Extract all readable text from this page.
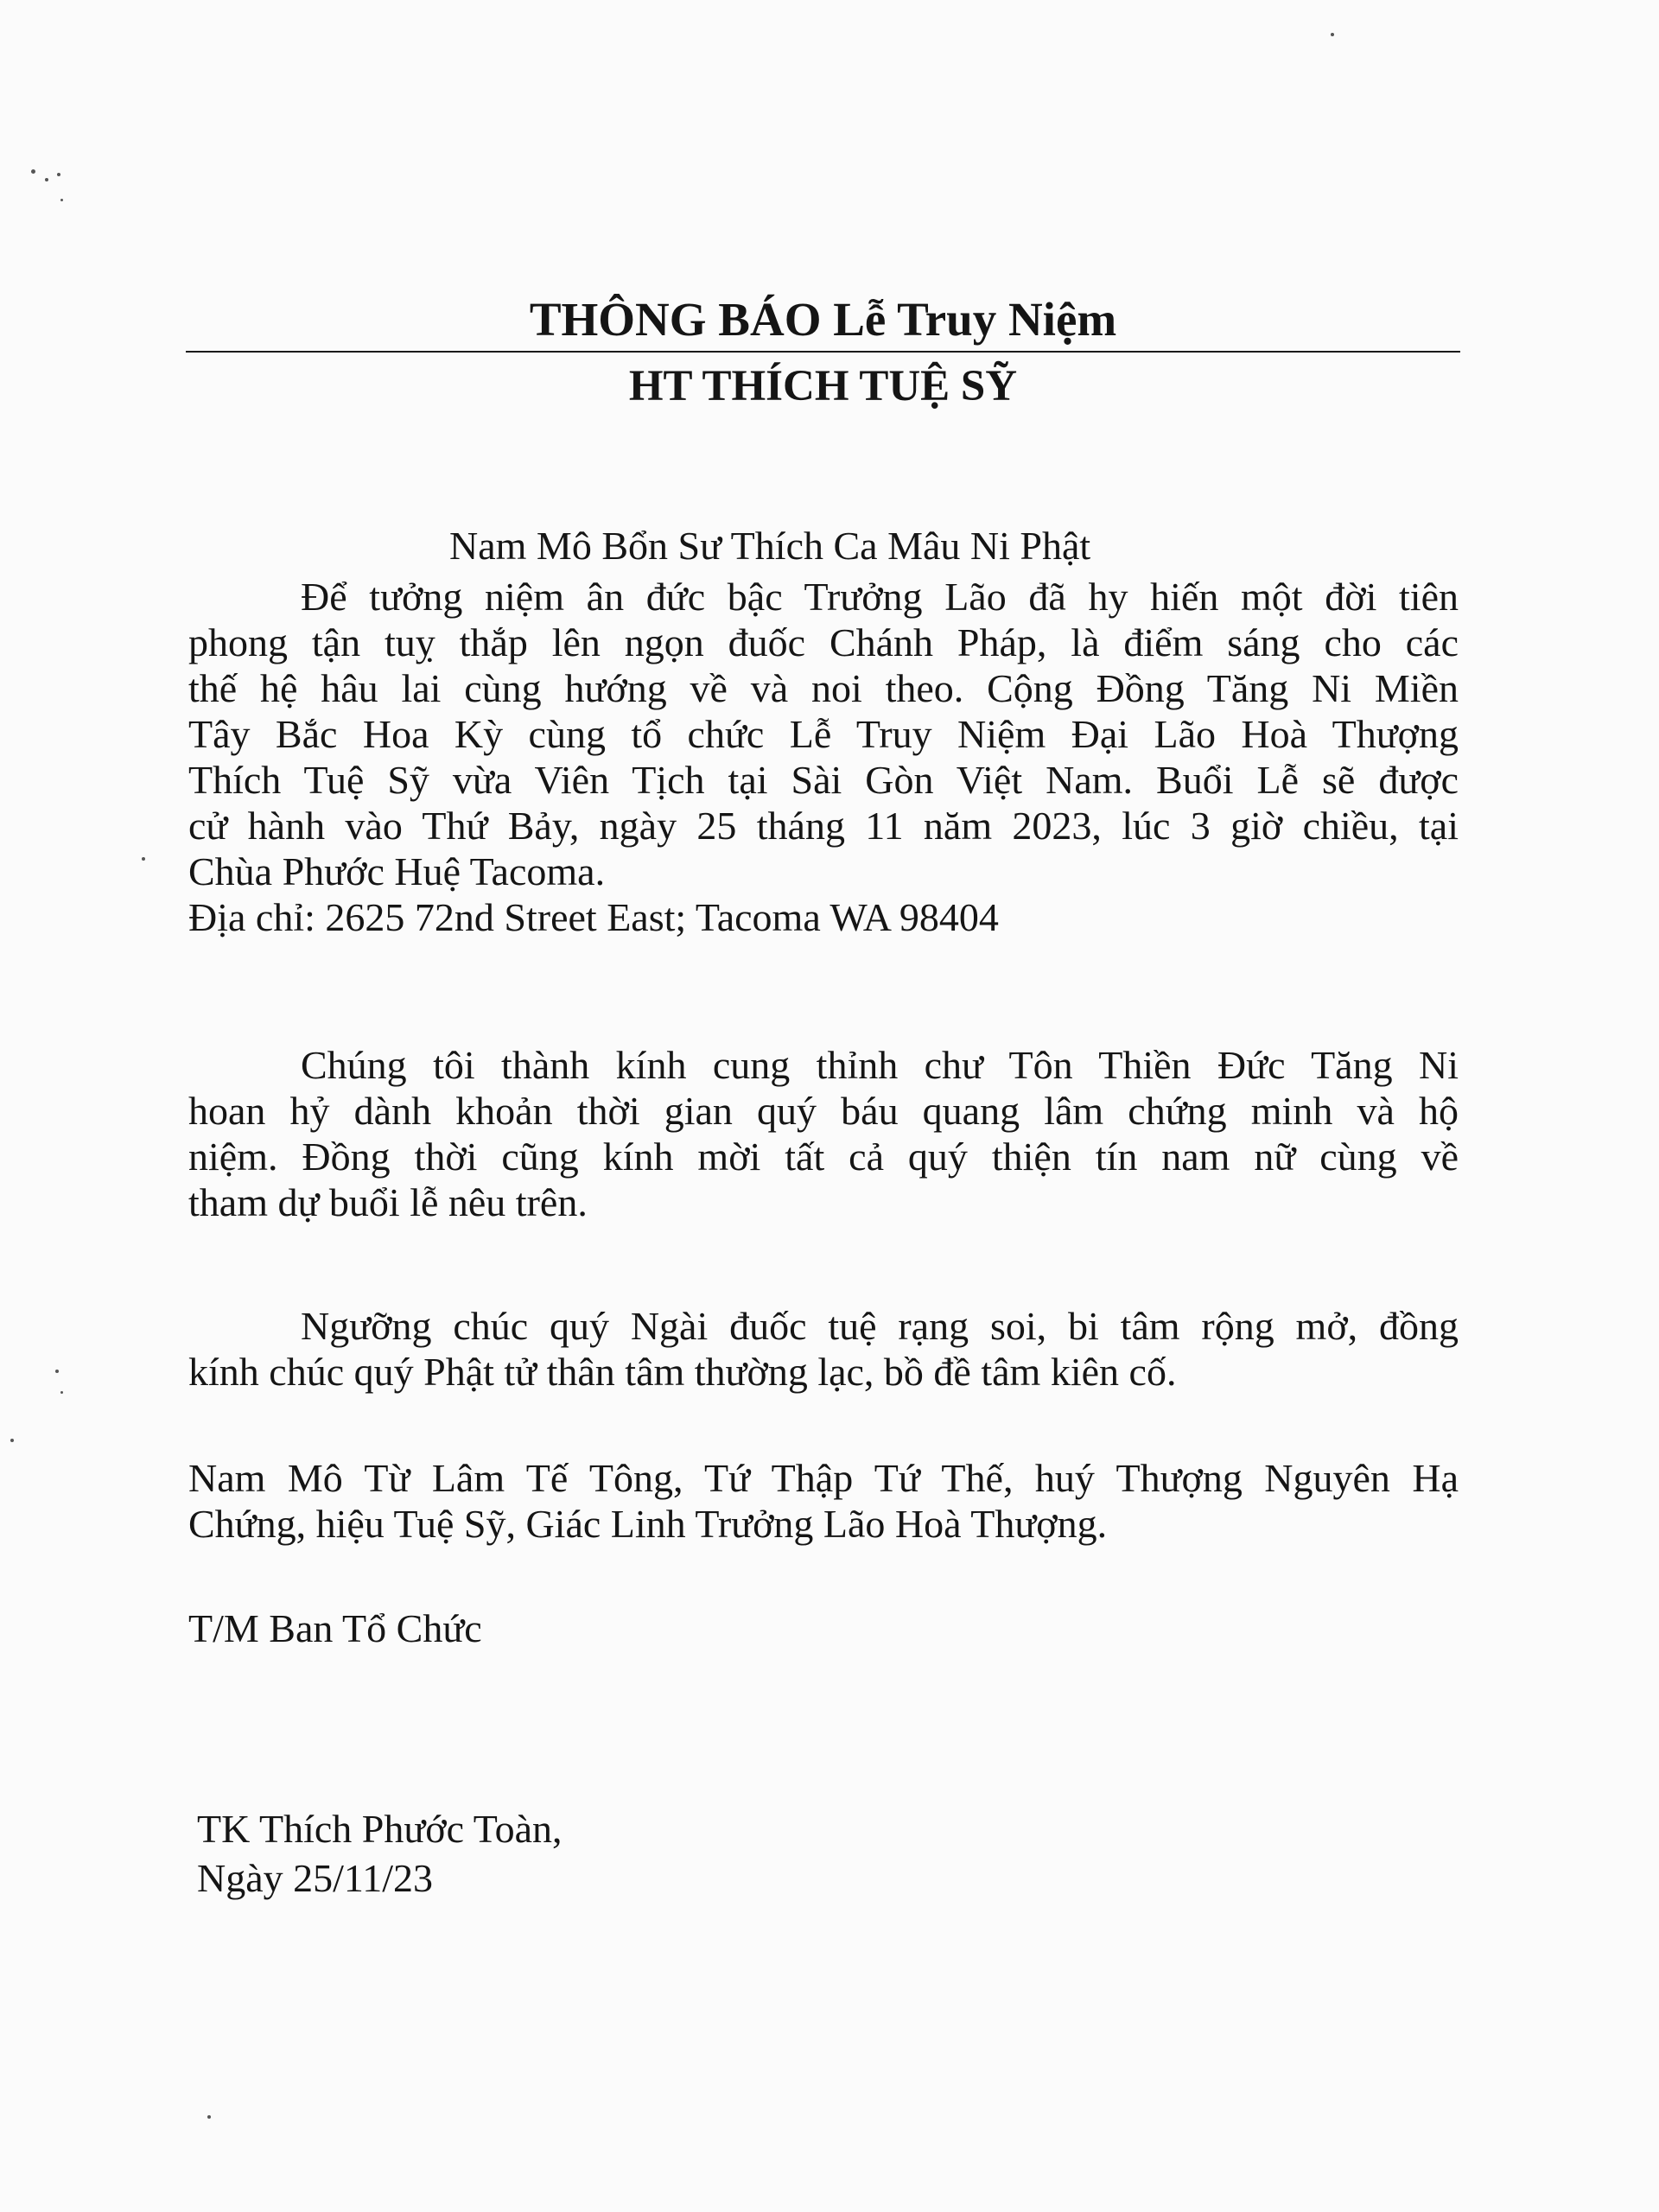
THÔNG BÁO Lễ Truy Niệm
HT THÍCH TUỆ SỸ

Nam Mô Bổn Sư Thích Ca Mâu Ni Phật

Để tưởng niệm ân đức bậc Trưởng Lão đã hy hiến một đời tiên
phong tận tuỵ thắp lên ngọn đuốc Chánh Pháp, là điểm sáng cho các
thế hệ hâu lai cùng hướng về và noi theo. Cộng Đồng Tăng Ni Miền
Tây Bắc Hoa Kỳ cùng tổ chức Lễ Truy Niệm Đại Lão Hoà Thượng
Thích Tuệ Sỹ vừa Viên Tịch tại Sài Gòn Việt Nam. Buổi Lễ sẽ được
cử hành vào Thứ Bảy, ngày 25 tháng 11 năm 2023, lúc 3 giờ chiều, tại
Chùa Phước Huệ Tacoma.
Địa chỉ: 2625 72nd Street East; Tacoma WA 98404
Chúng tôi thành kính cung thỉnh chư Tôn Thiền Đức Tăng Ni
hoan hỷ dành khoản thời gian quý báu quang lâm chứng minh và hộ
niệm. Đồng thời cũng kính mời tất cả quý thiện tín nam nữ cùng về
tham dự buổi lễ nêu trên.
Ngưỡng chúc quý Ngài đuốc tuệ rạng soi, bi tâm rộng mở, đồng
kính chúc quý Phật tử thân tâm thường lạc, bồ đề tâm kiên cố.
Nam Mô Từ Lâm Tế Tông, Tứ Thập Tứ Thế, huý Thượng Nguyên Hạ
Chứng, hiệu Tuệ Sỹ, Giác Linh Trưởng Lão Hoà Thượng.

T/M Ban Tổ Chức

TK Thích Phước Toàn,
Ngày 25/11/23
